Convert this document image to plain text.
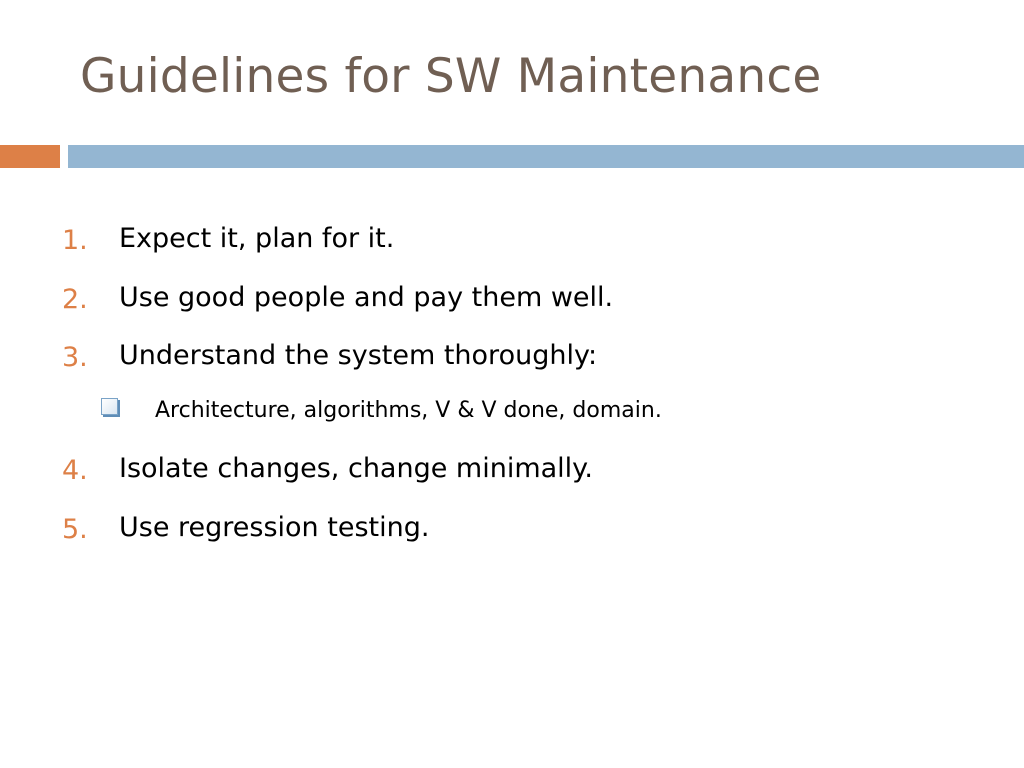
Guidelines for SW Maintenance
1. Expect it, plan for it.
2. Use good people and pay them well.
3. Understand the system thoroughly:
Architecture, algorithms, V & V done, domain.
4. Isolate changes, change minimally.
5. Use regression testing.
